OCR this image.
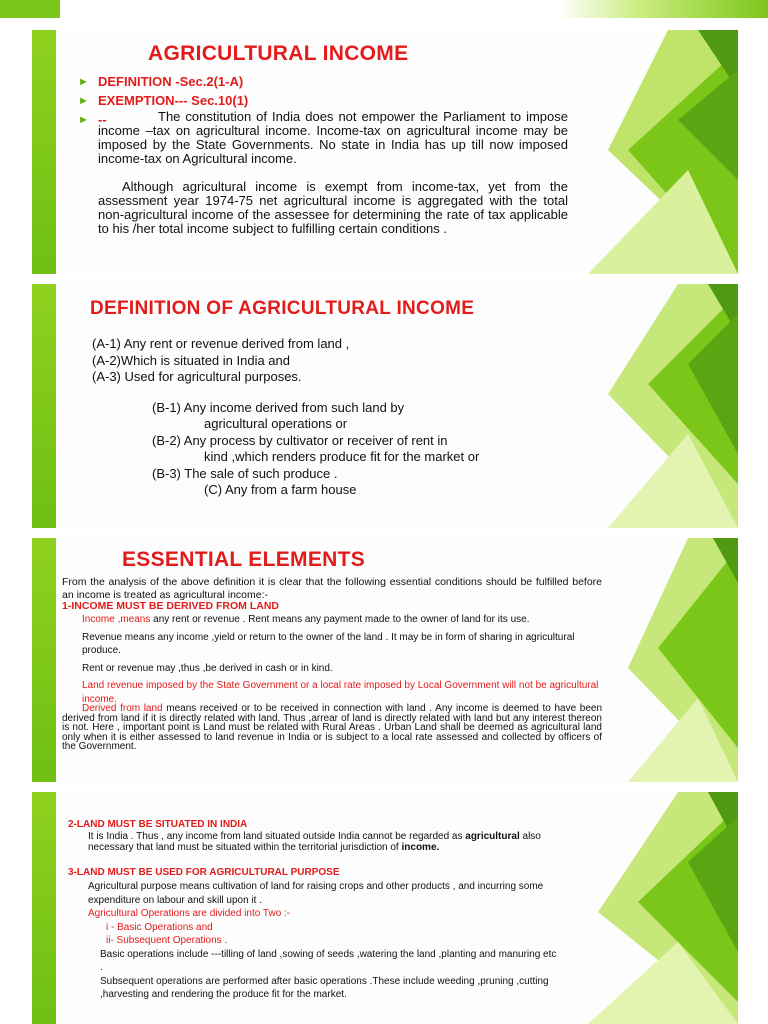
AGRICULTURAL INCOME
► DEFINITION -Sec.2(1-A)
► EXEMPTION--- Sec.10(1)
► --	The constitution of India does not empower the Parliament to impose income –tax on agricultural income. Income-tax on agricultural income may be imposed by the State Governments. No state in India has up till now imposed income-tax on Agricultural income.
Although agricultural income is exempt from income-tax, yet from the assessment year 1974-75 net agricultural income is aggregated with the total non-agricultural income of the assessee for determining the rate of tax applicable to his /her total income subject to fulfilling certain conditions .
DEFINITION OF AGRICULTURAL INCOME
(A-1) Any rent or revenue derived from land ,
(A-2)Which is situated in India and
(A-3) Used for agricultural purposes.
(B-1) Any income derived from such land by
agricultural operations or
(B-2) Any process by cultivator or receiver of rent in
kind ,which renders produce fit for the market or
(B-3) The sale of such produce .
(C) Any from a farm house
ESSENTIAL ELEMENTS
From the analysis of the above definition it is clear that the following essential conditions should be fulfilled before an income is treated as agricultural income:-
1-INCOME MUST BE DERIVED FROM LAND
Income ,means any rent or revenue . Rent means any payment made to the owner of land for its use.
Revenue means any income ,yield or return to the owner of the land . It may be in form of sharing in agricultural produce.
Rent or revenue may ,thus ,be derived in cash or in kind.
Land revenue imposed by the State Government or a local rate imposed by Local Government will not be agricultural income.
Derived from land means received or to be received in connection with land . Any income is deemed to have been derived from land if it is directly related with land. Thus ,arrear of land is directly related with land but any interest thereon is not. Here , important point is Land must be related with Rural Areas . Urban Land shall be deemed as agricultural land only when it is either assessed to land revenue in India or is subject to a local rate assessed and collected by officers of the Government.
2-LAND MUST BE SITUATED IN INDIA
It is India . Thus , any income from land situated outside India cannot be regarded as agricultural also necessary that land must be situated within the territorial jurisdiction of income.
3-LAND MUST BE USED FOR AGRICULTURAL PURPOSE
Agricultural purpose means cultivation of land for raising crops and other products , and incurring some expenditure on labour and skill upon it .
Agricultural Operations are divided into Two :-
i - Basic Operations and
ii- Subsequent Operations .
Basic operations include ---tilling of land ,sowing of seeds ,watering the land ,planting and manuring etc .
Subsequent operations are performed after basic operations .These include weeding ,pruning ,cutting ,harvesting and rendering the produce fit for the market.
